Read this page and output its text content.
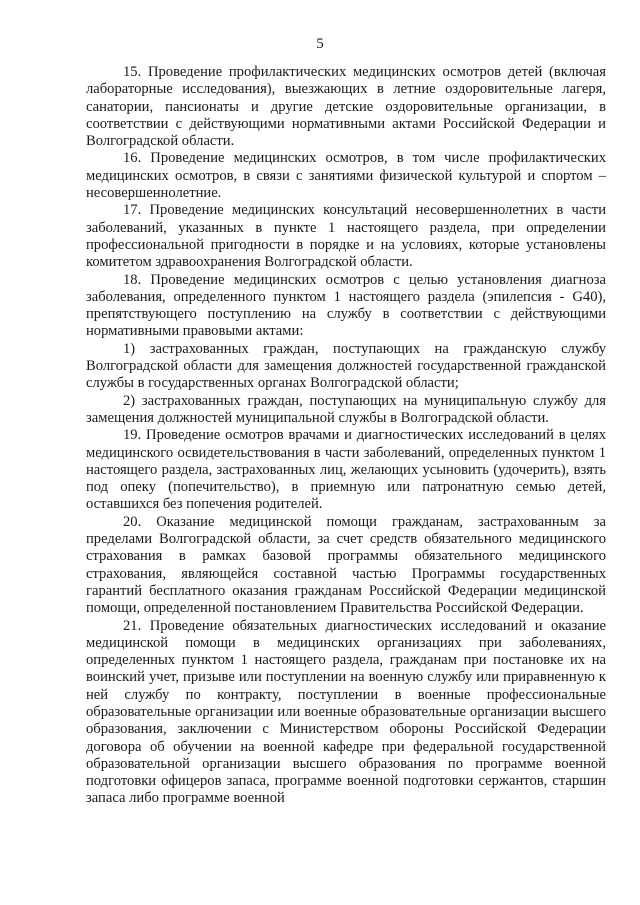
5

15. Проведение профилактических медицинских осмотров детей (включая лабораторные исследования), выезжающих в летние оздоровительные лагеря, санатории, пансионаты и другие детские оздоровительные организации, в соответствии с действующими нормативными актами Российской Федерации и Волгоградской области.

16. Проведение медицинских осмотров, в том числе профилактических медицинских осмотров, в связи с занятиями физической культурой и спортом – несовершеннолетние.

17. Проведение медицинских консультаций несовершеннолетних в части заболеваний, указанных в пункте 1 настоящего раздела, при определении профессиональной пригодности в порядке и на условиях, которые установлены комитетом здравоохранения Волгоградской области.

18. Проведение медицинских осмотров с целью установления диагноза заболевания, определенного пунктом 1 настоящего раздела (эпилепсия - G40), препятствующего поступлению на службу в соответствии с действующими нормативными правовыми актами:

1) застрахованных граждан, поступающих на гражданскую службу Волгоградской области для замещения должностей государственной гражданской службы в государственных органах Волгоградской области;

2) застрахованных граждан, поступающих на муниципальную службу для замещения должностей муниципальной службы в Волгоградской области.

19. Проведение осмотров врачами и диагностических исследований в целях медицинского освидетельствования в части заболеваний, определенных пунктом 1 настоящего раздела, застрахованных лиц, желающих усыновить (удочерить), взять под опеку (попечительство), в приемную или патронатную семью детей, оставшихся без попечения родителей.

20. Оказание медицинской помощи гражданам, застрахованным за пределами Волгоградской области, за счет средств обязательного медицинского страхования в рамках базовой программы обязательного медицинского страхования, являющейся составной частью Программы государственных гарантий бесплатного оказания гражданам Российской Федерации медицинской помощи, определенной постановлением Правительства Российской Федерации.

21. Проведение обязательных диагностических исследований и оказание медицинской помощи в медицинских организациях при заболеваниях, определенных пунктом 1 настоящего раздела, гражданам при постановке их на воинский учет, призыве или поступлении на военную службу или приравненную к ней службу по контракту, поступлении в военные профессиональные образовательные организации или военные образовательные организации высшего образования, заключении с Министерством обороны Российской Федерации договора об обучении на военной кафедре при федеральной государственной образовательной организации высшего образования по программе военной подготовки офицеров запаса, программе военной подготовки сержантов, старшин запаса либо программе военной
